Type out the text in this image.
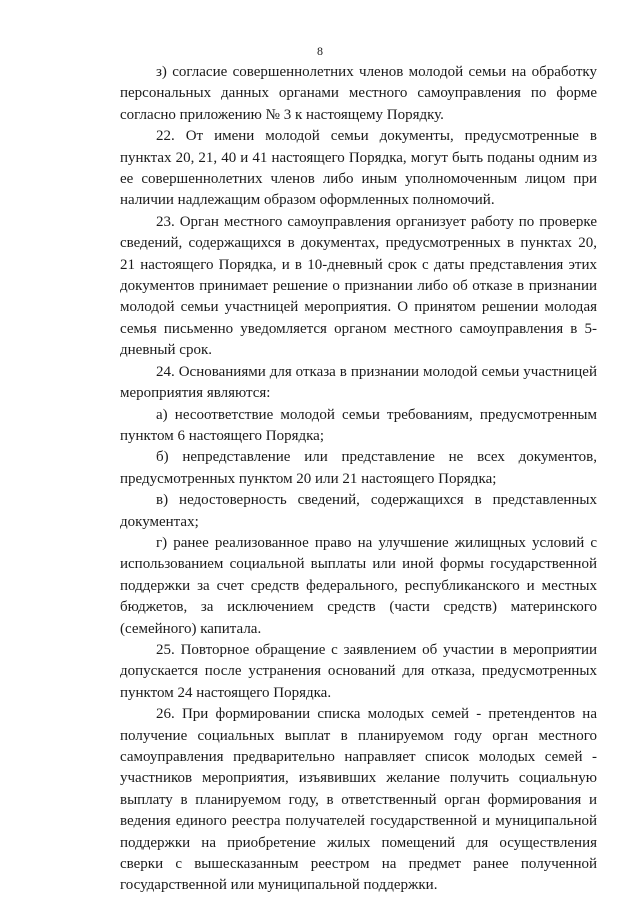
8

з) согласие совершеннолетних членов молодой семьи на обработку персональных данных органами местного самоуправления по форме согласно приложению № 3 к настоящему Порядку.

22. От имени молодой семьи документы, предусмотренные в пунктах 20, 21, 40 и 41 настоящего Порядка, могут быть поданы одним из ее совершеннолетних членов либо иным уполномоченным лицом при наличии надлежащим образом оформленных полномочий.

23. Орган местного самоуправления организует работу по проверке сведений, содержащихся в документах, предусмотренных в пунктах 20, 21 настоящего Порядка, и в 10-дневный срок с даты представления этих документов принимает решение о признании либо об отказе в признании молодой семьи участницей мероприятия. О принятом решении молодая семья письменно уведомляется органом местного самоуправления в 5-дневный срок.

24. Основаниями для отказа в признании молодой семьи участницей мероприятия являются:

а) несоответствие молодой семьи требованиям, предусмотренным пунктом 6 настоящего Порядка;

б) непредставление или представление не всех документов, предусмотренных пунктом 20 или 21 настоящего Порядка;

в) недостоверность сведений, содержащихся в представленных документах;

г) ранее реализованное право на улучшение жилищных условий с использованием социальной выплаты или иной формы государственной поддержки за счет средств федерального, республиканского и местных бюджетов, за исключением средств (части средств) материнского (семейного) капитала.

25. Повторное обращение с заявлением об участии в мероприятии допускается после устранения оснований для отказа, предусмотренных пунктом 24 настоящего Порядка.

26. При формировании списка молодых семей - претендентов на получение социальных выплат в планируемом году орган местного самоуправления предварительно направляет список молодых семей - участников мероприятия, изъявивших желание получить социальную выплату в планируемом году, в ответственный орган формирования и ведения единого реестра получателей государственной и муниципальной поддержки на приобретение жилых помещений для осуществления сверки с вышесказанным реестром на предмет ранее полученной государственной или муниципальной поддержки.
